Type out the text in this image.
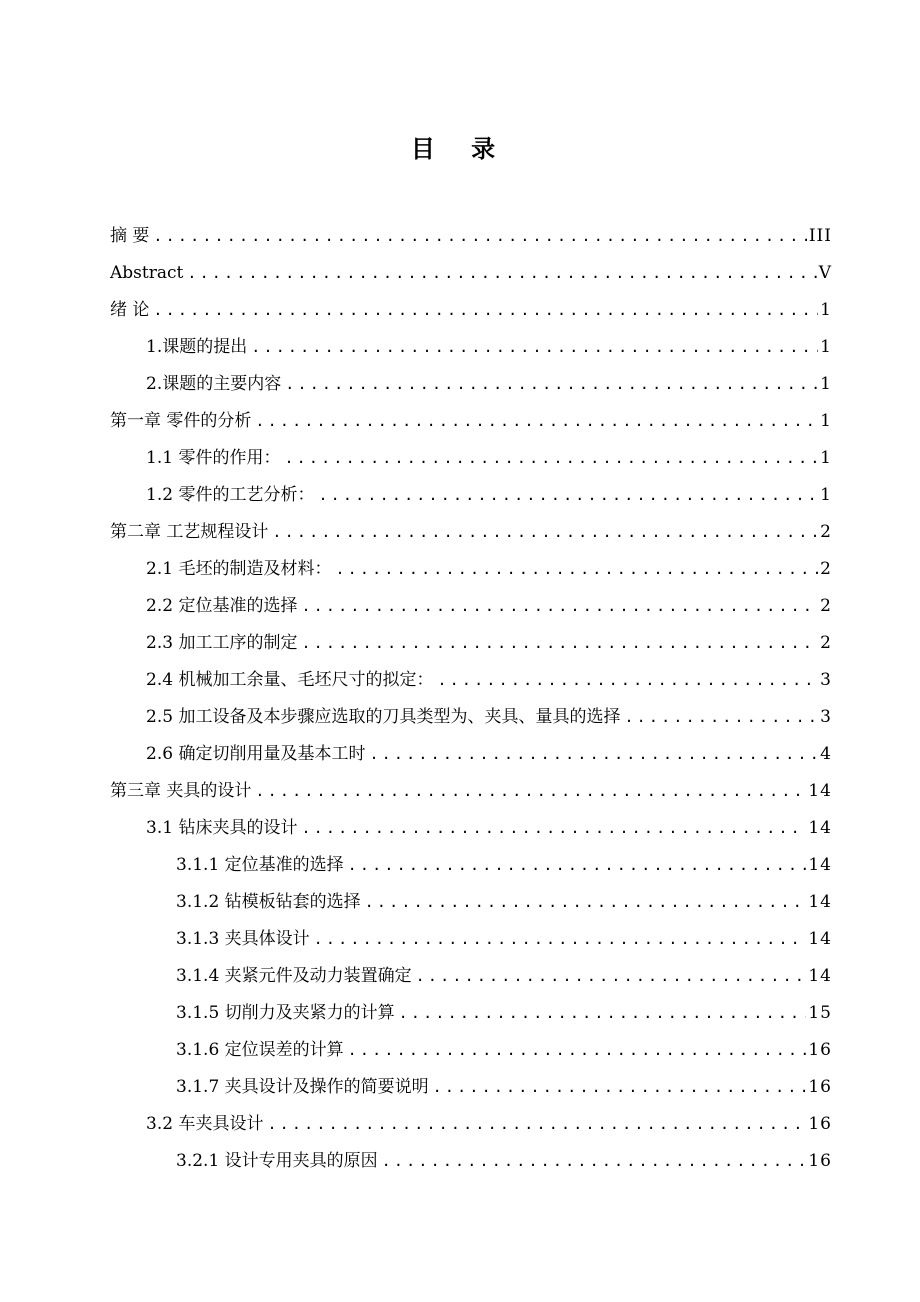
目 录
摘 要 .....	III
Abstract .....	V
绪 论 .....	1
1.课题的提出 .....	1
2.课题的主要内容 .....	1
第一章 零件的分析 .....	1
1.1 零件的作用： .....	1
1.2 零件的工艺分析： .....	1
第二章 工艺规程设计 .....	2
2.1 毛坯的制造及材料： .....	2
2.2 定位基准的选择 .....	2
2.3 加工工序的制定 .....	2
2.4 机械加工余量、毛坯尺寸的拟定： .....	3
2.5 加工设备及本步骤应选取的刀具类型为、夹具、量具的选择 .....	3
2.6 确定切削用量及基本工时 .....	4
第三章 夹具的设计 .....	14
3.1 钻床夹具的设计 .....	14
3.1.1 定位基准的选择 .....	14
3.1.2 钻模板钻套的选择 .....	14
3.1.3 夹具体设计 .....	14
3.1.4 夹紧元件及动力装置确定 .....	14
3.1.5 切削力及夹紧力的计算 .....	15
3.1.6 定位误差的计算 .....	16
3.1.7 夹具设计及操作的简要说明 .....	16
3.2 车夹具设计 .....	16
3.2.1 设计专用夹具的原因 .....	16
